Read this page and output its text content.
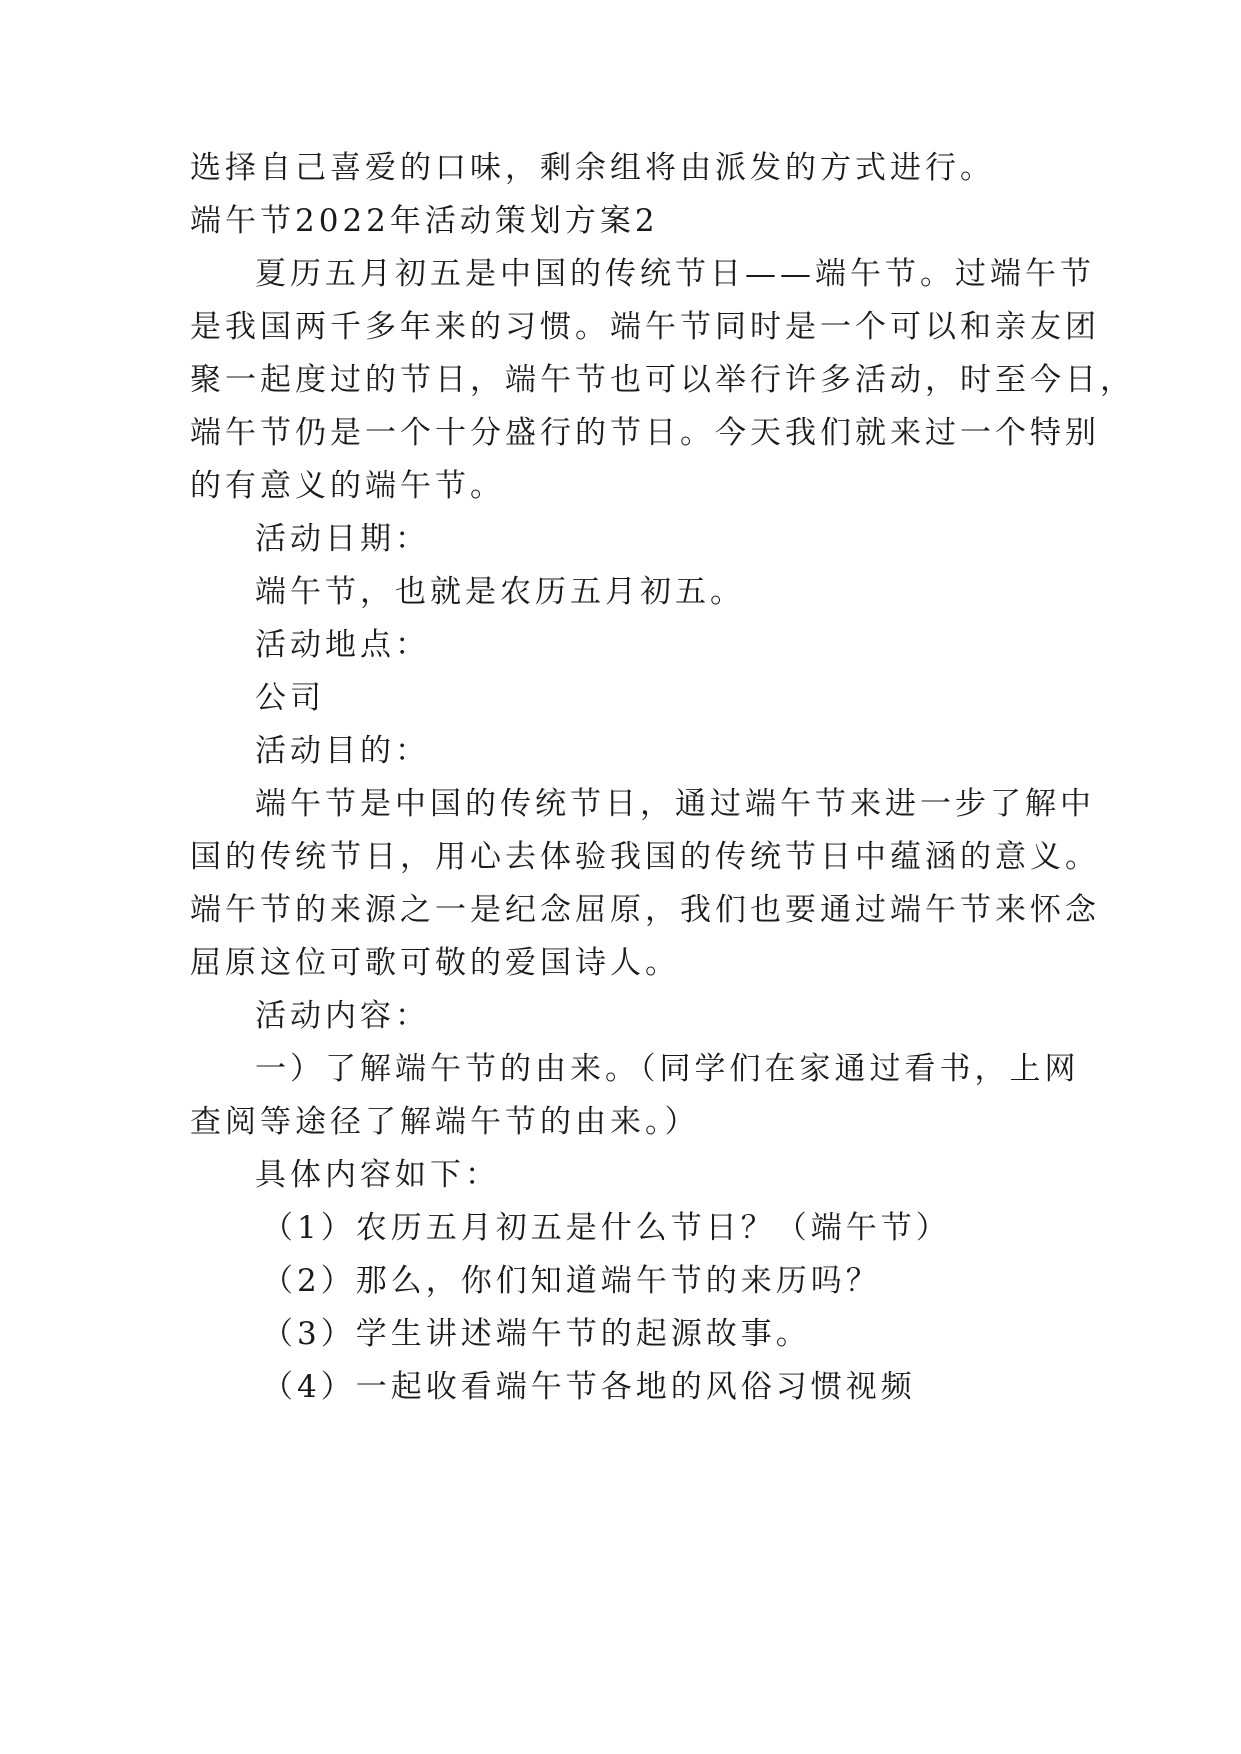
选择自己喜爱的口味，剩余组将由派发的方式进行。
端午节2022年活动策划方案2
夏历五月初五是中国的传统节日——端午节。过端午节
是我国两千多年来的习惯。端午节同时是一个可以和亲友团
聚一起度过的节日，端午节也可以举行许多活动，时至今日，
端午节仍是一个十分盛行的节日。今天我们就来过一个特别
的有意义的端午节。
活动日期：
端午节，也就是农历五月初五。
活动地点：
公司
活动目的：
端午节是中国的传统节日，通过端午节来进一步了解中
国的传统节日，用心去体验我国的传统节日中蕴涵的意义。
端午节的来源之一是纪念屈原，我们也要通过端午节来怀念
屈原这位可歌可敬的爱国诗人。
活动内容：
一）了解端午节的由来。（同学们在家通过看书，上网
查阅等途径了解端午节的由来。）
具体内容如下：
（1）农历五月初五是什么节日？（端午节）
（2）那么，你们知道端午节的来历吗？
（3）学生讲述端午节的起源故事。
（4）一起收看端午节各地的风俗习惯视频
